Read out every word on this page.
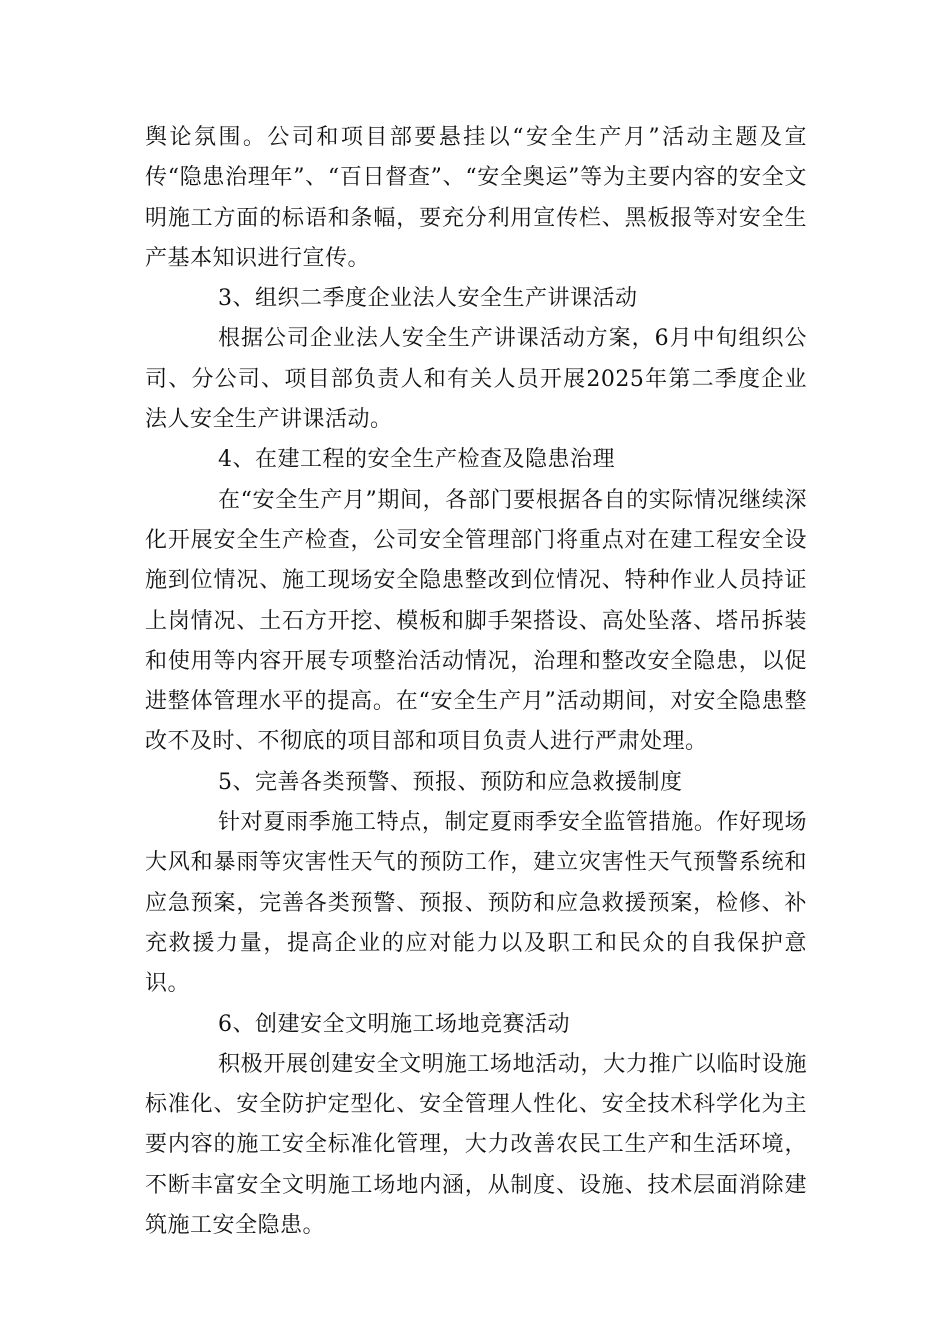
舆论氛围。公司和项目部要悬挂以“安全生产月”活动主题及宣传“隐患治理年”、“百日督查”、“安全奥运”等为主要内容的安全文明施工方面的标语和条幅，要充分利用宣传栏、黑板报等对安全生产基本知识进行宣传。

3、组织二季度企业法人安全生产讲课活动

根据公司企业法人安全生产讲课活动方案，6月中旬组织公司、分公司、项目部负责人和有关人员开展2025年第二季度企业法人安全生产讲课活动。

4、在建工程的安全生产检查及隐患治理

在“安全生产月”期间，各部门要根据各自的实际情况继续深化开展安全生产检查，公司安全管理部门将重点对在建工程安全设施到位情况、施工现场安全隐患整改到位情况、特种作业人员持证上岗情况、土石方开挖、模板和脚手架搭设、高处坠落、塔吊拆装和使用等内容开展专项整治活动情况，治理和整改安全隐患，以促进整体管理水平的提高。在“安全生产月”活动期间，对安全隐患整改不及时、不彻底的项目部和项目负责人进行严肃处理。

5、完善各类预警、预报、预防和应急救援制度

针对夏雨季施工特点，制定夏雨季安全监管措施。作好现场大风和暴雨等灾害性天气的预防工作，建立灾害性天气预警系统和应急预案，完善各类预警、预报、预防和应急救援预案，检修、补充救援力量，提高企业的应对能力以及职工和民众的自我保护意识。

6、创建安全文明施工场地竞赛活动

积极开展创建安全文明施工场地活动，大力推广以临时设施标准化、安全防护定型化、安全管理人性化、安全技术科学化为主要内容的施工安全标准化管理，大力改善农民工生产和生活环境，不断丰富安全文明施工场地内涵，从制度、设施、技术层面消除建筑施工安全隐患。
